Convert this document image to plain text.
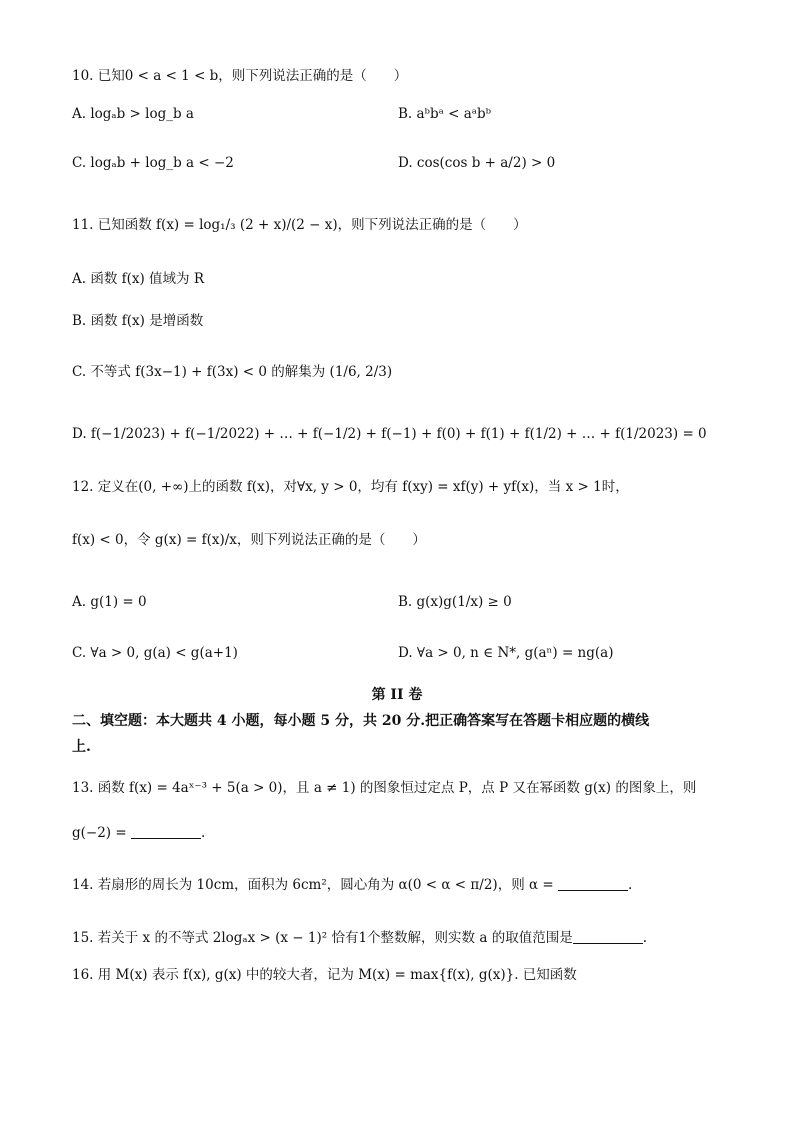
10. 已知0 < a < 1 < b，则下列说法正确的是（　　）
A. logₐb > log_b a	B. aᵇbᵃ < aᵃbᵇ
C. logₐb + log_b a < −2	D. cos(cos b + a/2) > 0
11. 已知函数 f(x) = log₁/₃ (2 + x)/(2 − x)，则下列说法正确的是（　　）
A. 函数 f(x) 值域为 R
B. 函数 f(x) 是增函数
C. 不等式 f(3x−1) + f(3x) < 0 的解集为 (1/6, 2/3)
D. f(−1/2023) + f(−1/2022) + … + f(−1/2) + f(−1) + f(0) + f(1) + f(1/2) + … + f(1/2023) = 0
12. 定义在(0, +∞)上的函数 f(x)，对∀x, y > 0，均有 f(xy) = xf(y) + yf(x)，当 x > 1时，
f(x) < 0，令 g(x) = f(x)/x，则下列说法正确的是（　　）
A. g(1) = 0	B. g(x)g(1/x) ≥ 0
C. ∀a > 0, g(a) < g(a+1)	D. ∀a > 0, n ∈ N*, g(aⁿ) = ng(a)
第 II 卷
二、填空题：本大题共 4 小题，每小题 5 分，共 20 分.把正确答案写在答题卡相应题的横线
上.
13. 函数 f(x) = 4aˣ⁻³ + 5(a > 0)，且 a ≠ 1) 的图象恒过定点 P，点 P 又在幂函数 g(x) 的图象上，则
g(−2) =	.
14. 若扇形的周长为 10cm，面积为 6cm²，圆心角为 α(0 < α < π/2)，则 α =	.
15. 若关于 x 的不等式 2logₐx > (x − 1)² 恰有1个整数解，则实数 a 的取值范围是	.
16. 用 M(x) 表示 f(x), g(x) 中的较大者，记为 M(x) = max{f(x), g(x)}. 已知函数
